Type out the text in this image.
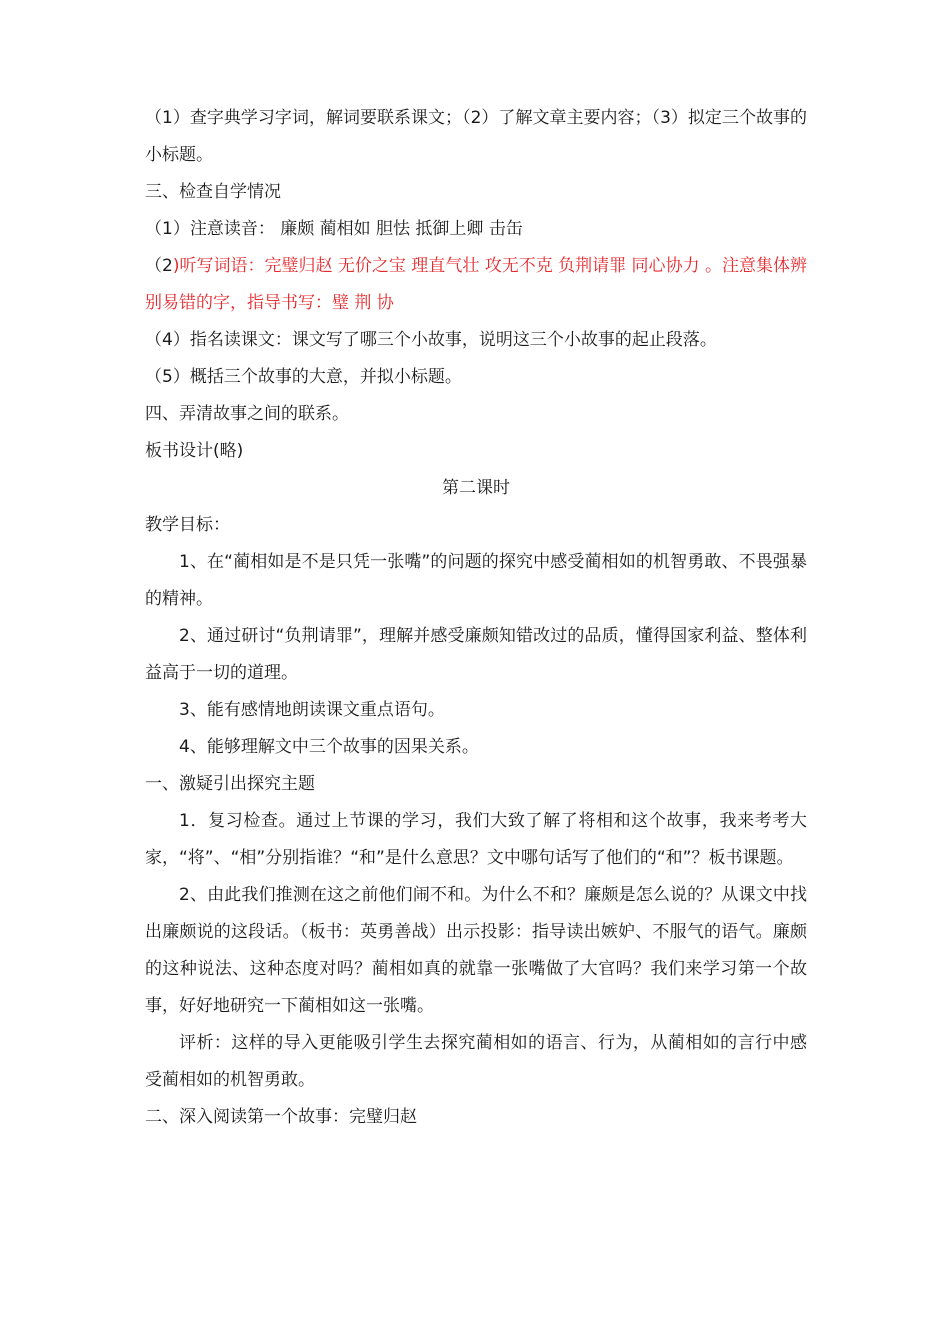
（1）查字典学习字词，解词要联系课文；（2）了解文章主要内容；（3）拟定三个故事的小标题。

三、检查自学情况

（1）注意读音： 廉颇 蔺相如 胆怯 抵御上卿 击缶

（2)听写词语：完璧归赵 无价之宝 理直气壮 攻无不克 负荆请罪 同心协力 。注意集体辨别易错的字，指导书写：璧 荆 协

（4）指名读课文：课文写了哪三个小故事，说明这三个小故事的起止段落。

（5）概括三个故事的大意，并拟小标题。

四、弄清故事之间的联系。

板书设计(略)

第二课时

教学目标：

1、在“蔺相如是不是只凭一张嘴”的问题的探究中感受蔺相如的机智勇敢、不畏强暴的精神。

2、通过研讨“负荆请罪”，理解并感受廉颇知错改过的品质，懂得国家利益、整体利益高于一切的道理。

3、能有感情地朗读课文重点语句。

4、能够理解文中三个故事的因果关系。

一、激疑引出探究主题

1．复习检查。通过上节课的学习，我们大致了解了将相和这个故事，我来考考大家，“将”、“相”分别指谁？“和”是什么意思？文中哪句话写了他们的“和”？板书课题。

2、由此我们推测在这之前他们闹不和。为什么不和？廉颇是怎么说的？从课文中找出廉颇说的这段话。（板书：英勇善战）出示投影：指导读出嫉妒、不服气的语气。廉颇的这种说法、这种态度对吗？蔺相如真的就靠一张嘴做了大官吗？我们来学习第一个故事，好好地研究一下蔺相如这一张嘴。

评析：这样的导入更能吸引学生去探究蔺相如的语言、行为，从蔺相如的言行中感受蔺相如的机智勇敢。

二、深入阅读第一个故事：完璧归赵
